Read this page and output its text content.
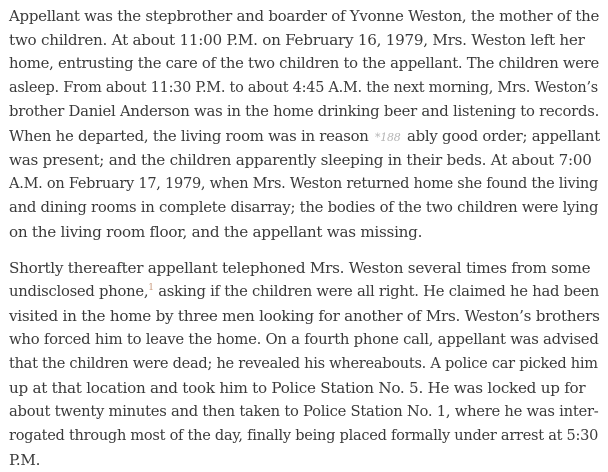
Appellant was the stepbrother and boarder of Yvonne Weston, the mother of the
two children. At about 11:00 P.M. on February 16, 1979, Mrs. Weston left her
home, entrusting the care of the two children to the appellant. The children were
asleep. From about 11:30 P.M. to about 4:45 A.M. the next morning, Mrs. Weston’s
brother Daniel Anderson was in the home drinking beer and listening to records.
When he departed, the living room was in reason *188 ably good order; appellant
was present; and the children apparently sleeping in their beds. At about 7:00
A.M. on February 17, 1979, when Mrs. Weston returned home she found the living
and dining rooms in complete disarray; the bodies of the two children were lying
on the living room floor, and the appellant was missing.
Shortly thereafter appellant telephoned Mrs. Weston several times from some
undisclosed phone,$^1$ asking if the children were all right. He claimed he had been
visited in the home by three men looking for another of Mrs. Weston’s brothers
who forced him to leave the home. On a fourth phone call, appellant was advised
that the children were dead; he revealed his whereabouts. A police car picked him
up at that location and took him to Police Station No. 5. He was locked up for
about twenty minutes and then taken to Police Station No. 1, where he was inter-
rogated through most of the day, finally being placed formally under arrest at 5:30
P.M.
